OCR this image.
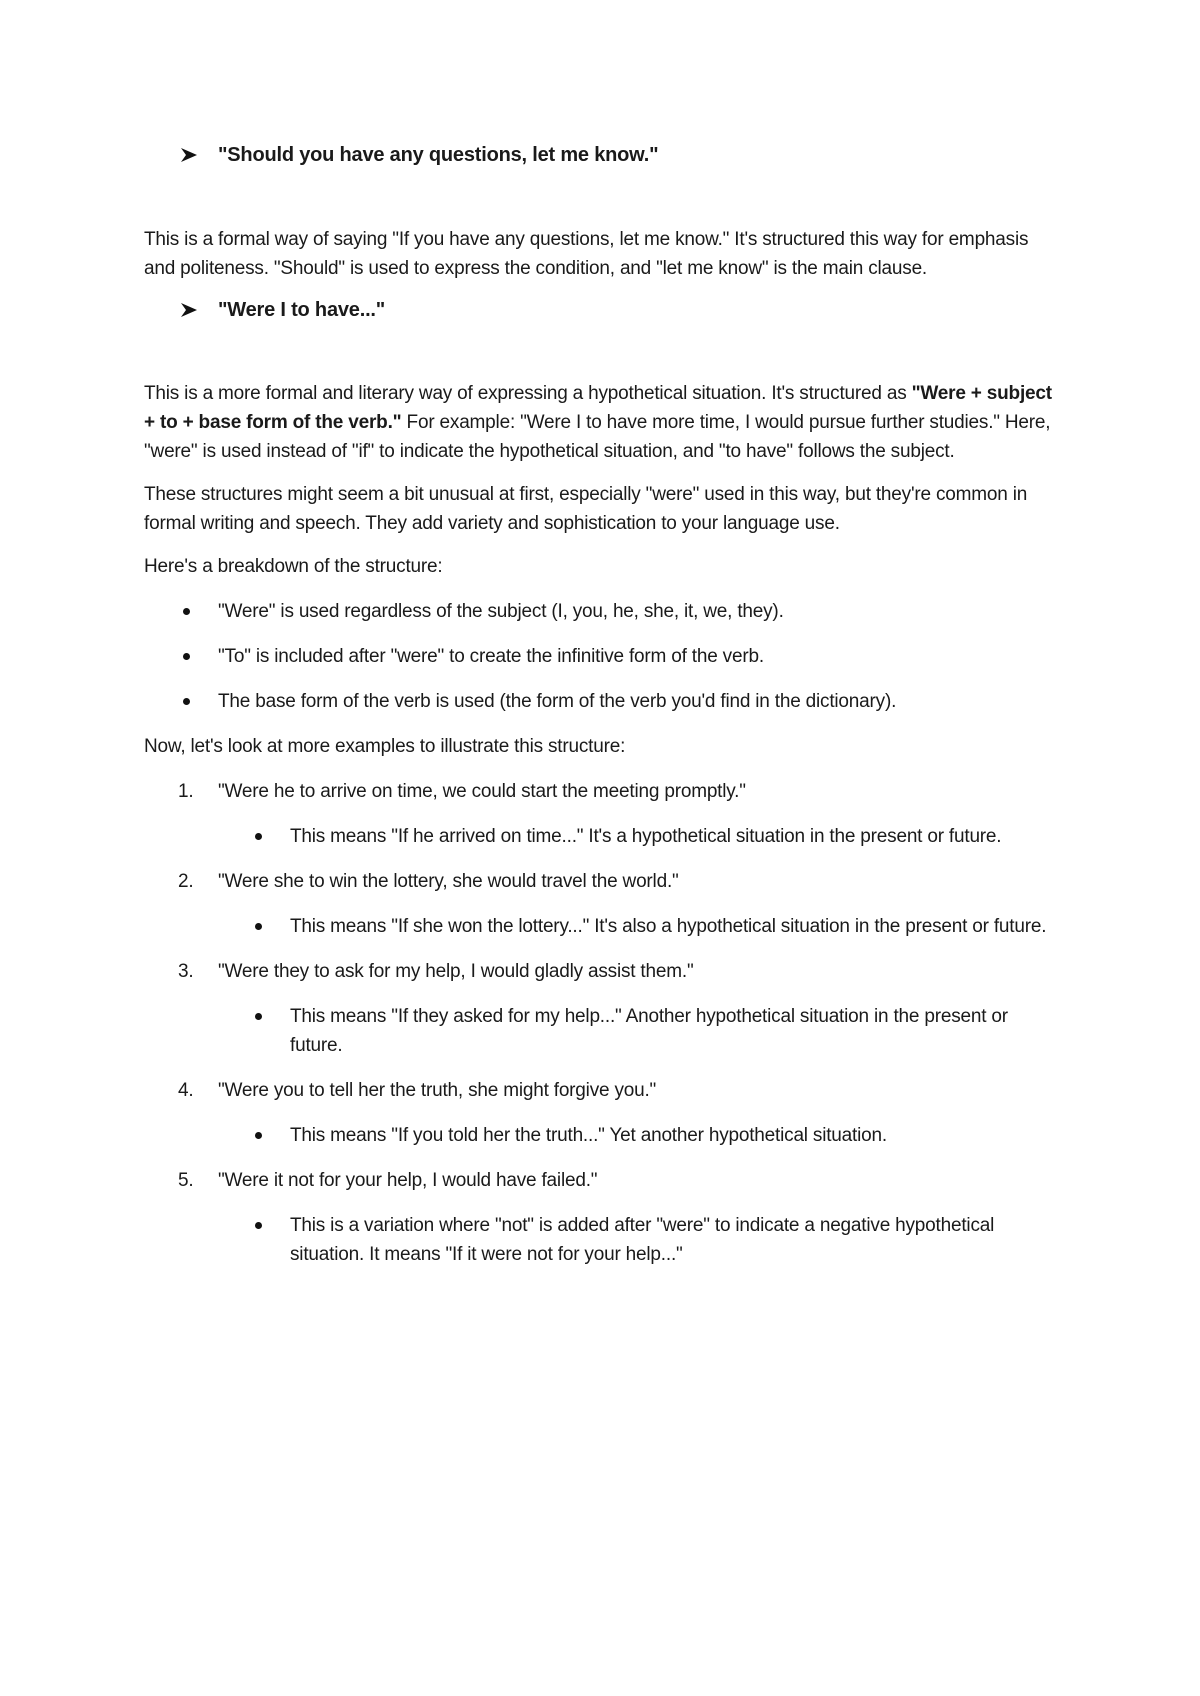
"Should you have any questions, let me know."

This is a formal way of saying "If you have any questions, let me know." It's structured this way for emphasis and politeness. "Should" is used to express the condition, and "let me know" is the main clause.

"Were I to have..."

This is a more formal and literary way of expressing a hypothetical situation. It's structured as "Were + subject + to + base form of the verb." For example: "Were I to have more time, I would pursue further studies." Here, "were" is used instead of "if" to indicate the hypothetical situation, and "to have" follows the subject.

These structures might seem a bit unusual at first, especially "were" used in this way, but they're common in formal writing and speech. They add variety and sophistication to your language use.

Here's a breakdown of the structure:

"Were" is used regardless of the subject (I, you, he, she, it, we, they).
"To" is included after "were" to create the infinitive form of the verb.
The base form of the verb is used (the form of the verb you'd find in the dictionary).

Now, let's look at more examples to illustrate this structure:

1. "Were he to arrive on time, we could start the meeting promptly."
This means "If he arrived on time..." It's a hypothetical situation in the present or future.
2. "Were she to win the lottery, she would travel the world."
This means "If she won the lottery..." It's also a hypothetical situation in the present or future.
3. "Were they to ask for my help, I would gladly assist them."
This means "If they asked for my help..." Another hypothetical situation in the present or future.
4. "Were you to tell her the truth, she might forgive you."
This means "If you told her the truth..." Yet another hypothetical situation.
5. "Were it not for your help, I would have failed."
This is a variation where "not" is added after "were" to indicate a negative hypothetical situation. It means "If it were not for your help..."
